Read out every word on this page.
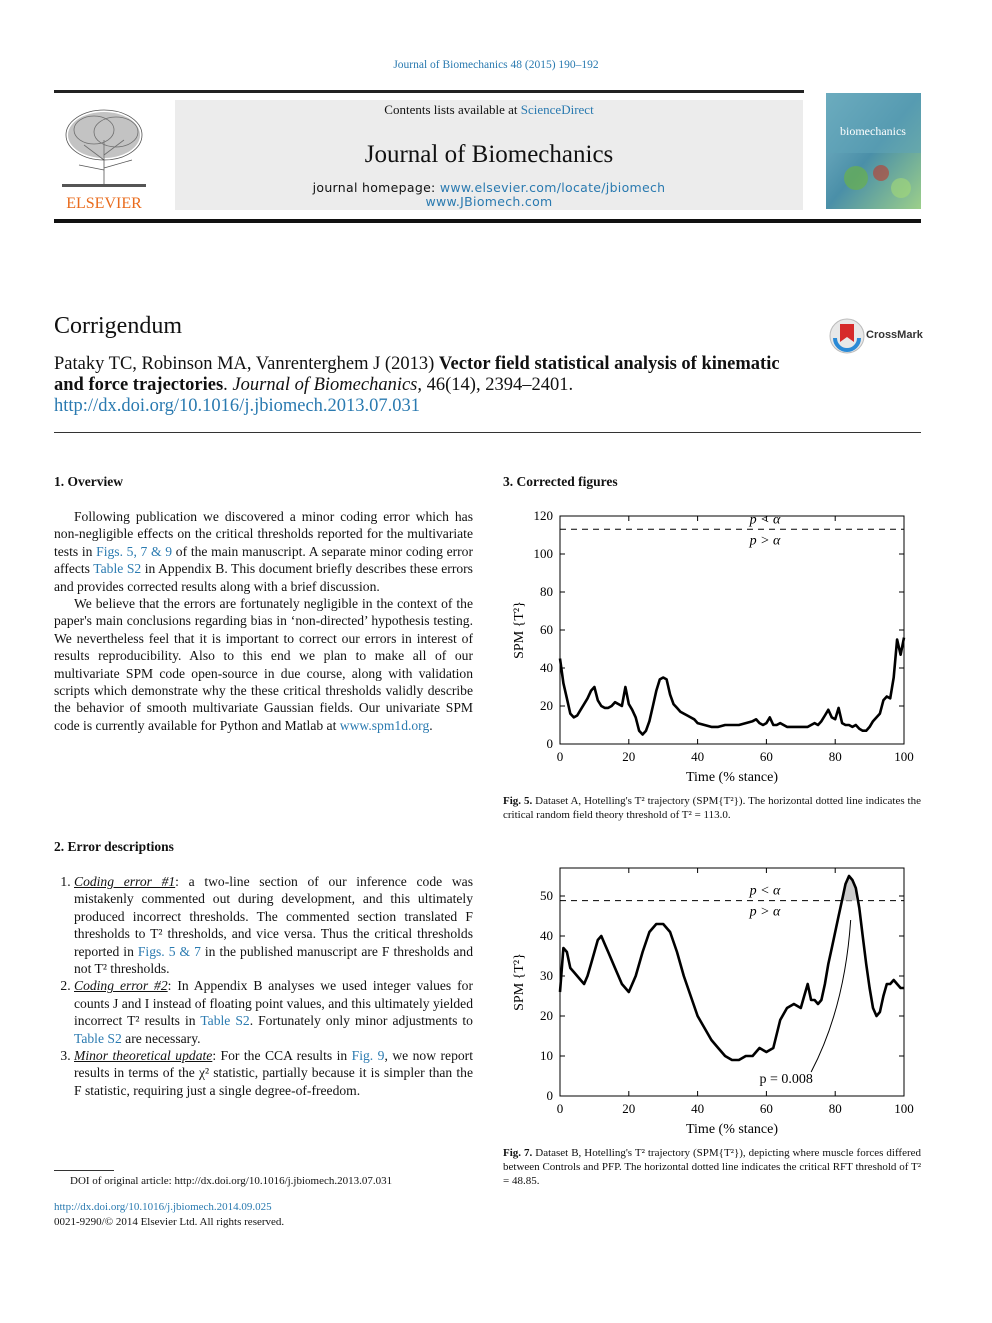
Journal of Biomechanics 48 (2015) 190–192
ELSEVIER
Contents lists available at ScienceDirect
Journal of Biomechanics
journal homepage: www.elsevier.com/locate/jbiomech
www.JBiomech.com
biomechanics
Corrigendum	CrossMark
Pataky TC, Robinson MA, Vanrenterghem J (2013) Vector field statistical analysis of kinematic and force trajectories. Journal of Biomechanics, 46(14), 2394–2401.
http://dx.doi.org/10.1016/j.jbiomech.2013.07.031
1. Overview

Following publication we discovered a minor coding error which has non-negligible effects on the critical thresholds reported for the multivariate tests in Figs. 5, 7 & 9 of the main manuscript. A separate minor coding error affects Table S2 in Appendix B. This document briefly describes these errors and provides corrected results along with a brief discussion.

We believe that the errors are fortunately negligible in the context of the paper's main conclusions regarding bias in ‘non-directed’ hypothesis testing. We nevertheless feel that it is important to correct our errors in interest of results reproducibility. Also to this end we plan to make all of our multivariate SPM code open-source in due course, along with validation scripts which demonstrate why the these critical thresholds validly describe the behavior of smooth multivariate Gaussian fields. Our univariate SPM code is currently available for Python and Matlab at www.spm1d.org.

2. Error descriptions
1. Coding error #1: a two-line section of our inference code was mistakenly commented out during development, and this ultimately produced incorrect thresholds. The commented section translated F thresholds to T² thresholds, and vice versa. Thus the critical thresholds reported in Figs. 5 & 7 in the published manuscript are F thresholds and not T² thresholds.
2. Coding error #2: In Appendix B analyses we used integer values for counts J and I instead of floating point values, and this ultimately yielded incorrect T² results in Table S2. Fortunately only minor adjustments to Table S2 are necessary.
3. Minor theoretical update: For the CCA results in Fig. 9, we now report results in terms of the χ² statistic, partially because it is simpler than the F statistic, requiring just a single degree-of-freedom.
DOI of original article: http://dx.doi.org/10.1016/j.jbiomech.2013.07.031
http://dx.doi.org/10.1016/j.jbiomech.2014.09.025
0021-9290/© 2014 Elsevier Ltd. All rights reserved.
3. Corrected figures
0	20	40	60	80	100
0
20
40
60
80
100
120	p < α
p > α
Time (% stance)
SPM {T²}
Fig. 5. Dataset A, Hotelling's T² trajectory (SPM{T²}). The horizontal dotted line indicates the critical random field theory threshold of T² = 113.0.
0	20	40	60	80	100
0
10
20
30
40
50	p < α
p > α
p = 0.008
Time (% stance)
SPM {T²}
Fig. 7. Dataset B, Hotelling's T² trajectory (SPM{T²}), depicting where muscle forces differed between Controls and PFP. The horizontal dotted line indicates the critical RFT threshold of T² = 48.85.
